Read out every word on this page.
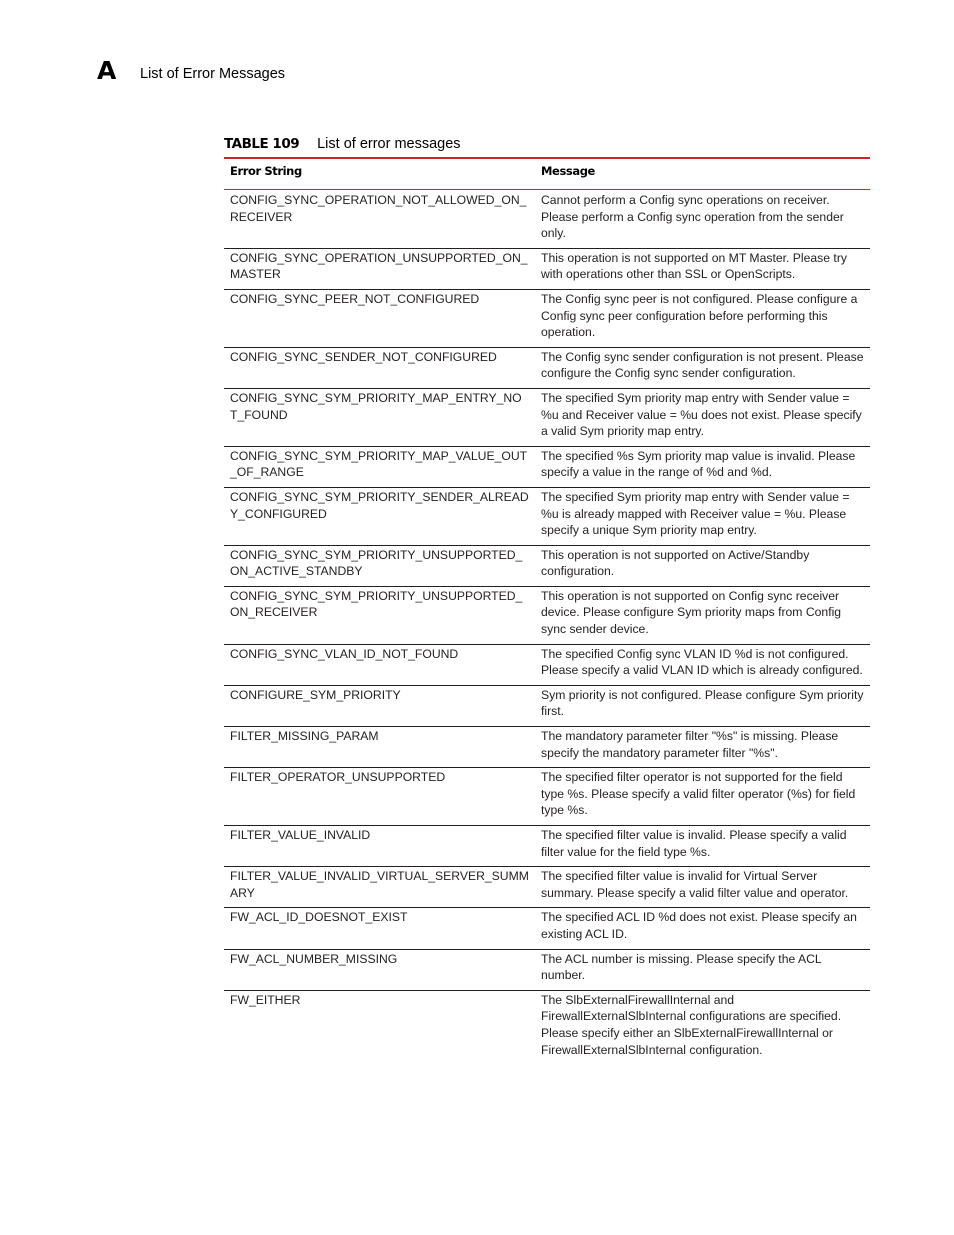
A List of Error Messages
TABLE 109 List of error messages
Error String	Message
CONFIG_SYNC_OPERATION_NOT_ALLOWED_ON_RECEIVER	Cannot perform a Config sync operations on receiver. Please perform a Config sync operation from the sender only.
CONFIG_SYNC_OPERATION_UNSUPPORTED_ON_MASTER	This operation is not supported on MT Master. Please try with operations other than SSL or OpenScripts.
CONFIG_SYNC_PEER_NOT_CONFIGURED	The Config sync peer is not configured. Please configure a Config sync peer configuration before performing this operation.
CONFIG_SYNC_SENDER_NOT_CONFIGURED	The Config sync sender configuration is not present. Please configure the Config sync sender configuration.
CONFIG_SYNC_SYM_PRIORITY_MAP_ENTRY_NOT_FOUND	The specified Sym priority map entry with Sender value = %u and Receiver value = %u does not exist. Please specify a valid Sym priority map entry.
CONFIG_SYNC_SYM_PRIORITY_MAP_VALUE_OUT_OF_RANGE	The specified %s Sym priority map value is invalid. Please specify a value in the range of %d and %d.
CONFIG_SYNC_SYM_PRIORITY_SENDER_ALREADY_CONFIGURED	The specified Sym priority map entry with Sender value = %u is already mapped with Receiver value = %u. Please specify a unique Sym priority map entry.
CONFIG_SYNC_SYM_PRIORITY_UNSUPPORTED_ON_ACTIVE_STANDBY	This operation is not supported on Active/Standby configuration.
CONFIG_SYNC_SYM_PRIORITY_UNSUPPORTED_ON_RECEIVER	This operation is not supported on Config sync receiver device. Please configure Sym priority maps from Config sync sender device.
CONFIG_SYNC_VLAN_ID_NOT_FOUND	The specified Config sync VLAN ID %d is not configured. Please specify a valid VLAN ID which is already configured.
CONFIGURE_SYM_PRIORITY	Sym priority is not configured. Please configure Sym priority first.
FILTER_MISSING_PARAM	The mandatory parameter filter "%s" is missing. Please specify the mandatory parameter filter "%s".
FILTER_OPERATOR_UNSUPPORTED	The specified filter operator is not supported for the field type %s. Please specify a valid filter operator (%s) for field type %s.
FILTER_VALUE_INVALID	The specified filter value is invalid. Please specify a valid filter value for the field type %s.
FILTER_VALUE_INVALID_VIRTUAL_SERVER_SUMMARY	The specified filter value is invalid for Virtual Server summary. Please specify a valid filter value and operator.
FW_ACL_ID_DOESNOT_EXIST	The specified ACL ID %d does not exist. Please specify an existing ACL ID.
FW_ACL_NUMBER_MISSING	The ACL number is missing. Please specify the ACL number.
FW_EITHER	The SlbExternalFirewallInternal and FirewallExternalSlbInternal configurations are specified. Please specify either an SlbExternalFirewallInternal or FirewallExternalSlbInternal configuration.
